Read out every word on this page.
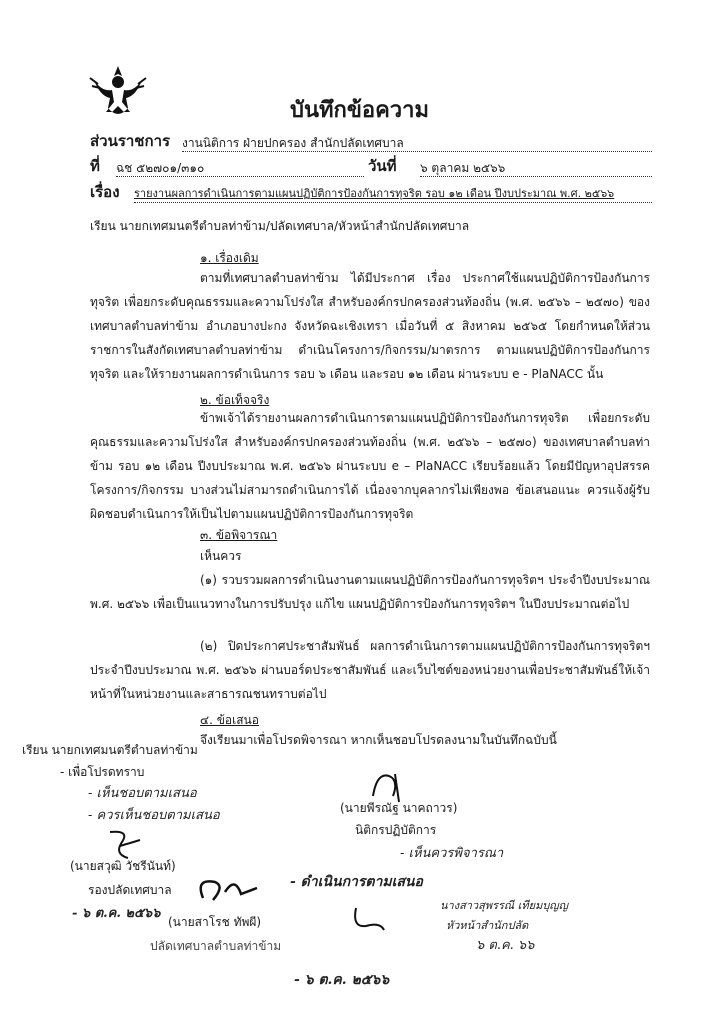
บันทึกข้อความ
ส่วนราชการ งานนิติการ ฝ่ายปกครอง สำนักปลัดเทศบาล
ที่ ฉช ๕๒๗๐๑/๓๑๐	วันที่ ๖ ตุลาคม ๒๕๖๖
เรื่อง รายงานผลการดำเนินการตามแผนปฏิบัติการป้องกันการทุจริต รอบ ๑๒ เดือน ปีงบประมาณ พ.ศ. ๒๕๖๖
เรียน นายกเทศมนตรีตำบลท่าข้าม/ปลัดเทศบาล/หัวหน้าสำนักปลัดเทศบาล
๑. เรื่องเดิม
ตามที่เทศบาลตำบลท่าข้าม ได้มีประกาศ เรื่อง ประกาศใช้แผนปฏิบัติการป้องกันการทุจริต เพื่อยกระดับคุณธรรมและความโปร่งใส สำหรับองค์กรปกครองส่วนท้องถิ่น (พ.ศ. ๒๕๖๖ – ๒๕๗๐) ของเทศบาลตำบลท่าข้าม อำเภอบางปะกง จังหวัดฉะเชิงเทรา เมื่อวันที่ ๕ สิงหาคม ๒๕๖๕ โดยกำหนดให้ส่วนราชการในสังกัดเทศบาลตำบลท่าข้าม ดำเนินโครงการ/กิจกรรม/มาตรการ ตามแผนปฏิบัติการป้องกันการทุจริต และให้รายงานผลการดำเนินการ รอบ ๖ เดือน และรอบ ๑๒ เดือน ผ่านระบบ e - PlaNACC นั้น
๒. ข้อเท็จจริง
ข้าพเจ้าได้รายงานผลการดำเนินการตามแผนปฏิบัติการป้องกันการทุจริต เพื่อยกระดับคุณธรรมและความโปร่งใส สำหรับองค์กรปกครองส่วนท้องถิ่น (พ.ศ. ๒๕๖๖ – ๒๕๗๐) ของเทศบาลตำบลท่าข้าม รอบ ๑๒ เดือน ปีงบประมาณ พ.ศ. ๒๕๖๖ ผ่านระบบ e – PlaNACC เรียบร้อยแล้ว โดยมีปัญหาอุปสรรค โครงการ/กิจกรรม บางส่วนไม่สามารถดำเนินการได้ เนื่องจากบุคลากรไม่เพียงพอ ข้อเสนอแนะ ควรแจ้งผู้รับผิดชอบดำเนินการให้เป็นไปตามแผนปฏิบัติการป้องกันการทุจริต
๓. ข้อพิจารณา
เห็นควร
(๑) รวบรวมผลการดำเนินงานตามแผนปฏิบัติการป้องกันการทุจริตฯ ประจำปีงบประมาณ พ.ศ. ๒๕๖๖ เพื่อเป็นแนวทางในการปรับปรุง แก้ไข แผนปฏิบัติการป้องกันการทุจริตฯ ในปีงบประมาณต่อไป
(๒) ปิดประกาศประชาสัมพันธ์ ผลการดำเนินการตามแผนปฏิบัติการป้องกันการทุจริตฯ ประจำปีงบประมาณ พ.ศ. ๒๕๖๖ ผ่านบอร์ดประชาสัมพันธ์ และเว็บไซต์ของหน่วยงานเพื่อประชาสัมพันธ์ให้เจ้าหน้าที่ในหน่วยงานและสาธารณชนทราบต่อไป
๔. ข้อเสนอ
จึงเรียนมาเพื่อโปรดพิจารณา หากเห็นชอบโปรดลงนามในบันทึกฉบับนี้
เรียน นายกเทศมนตรีตำบลท่าข้าม
- เพื่อโปรดทราบ
- เห็นชอบตามเสนอ
- ควรเห็นชอบตามเสนอ
(นายสวุฒิ วัชรีนันท์)
รองปลัดเทศบาล
- ๖ ต.ค. ๒๕๖๖
(นายสาโรช ทัพผี)
ปลัดเทศบาลตำบลท่าข้าม
(นายพีรณัฐ นาคถาวร)
นิติกรปฏิบัติการ
- เห็นควรพิจารณา
- ดำเนินการตามเสนอ
นางสาวสุพรรณี เทียมบุญญ
หัวหน้าสำนักปลัด
๖ ต.ค. ๖๖
- ๖ ต.ค. ๒๕๖๖
